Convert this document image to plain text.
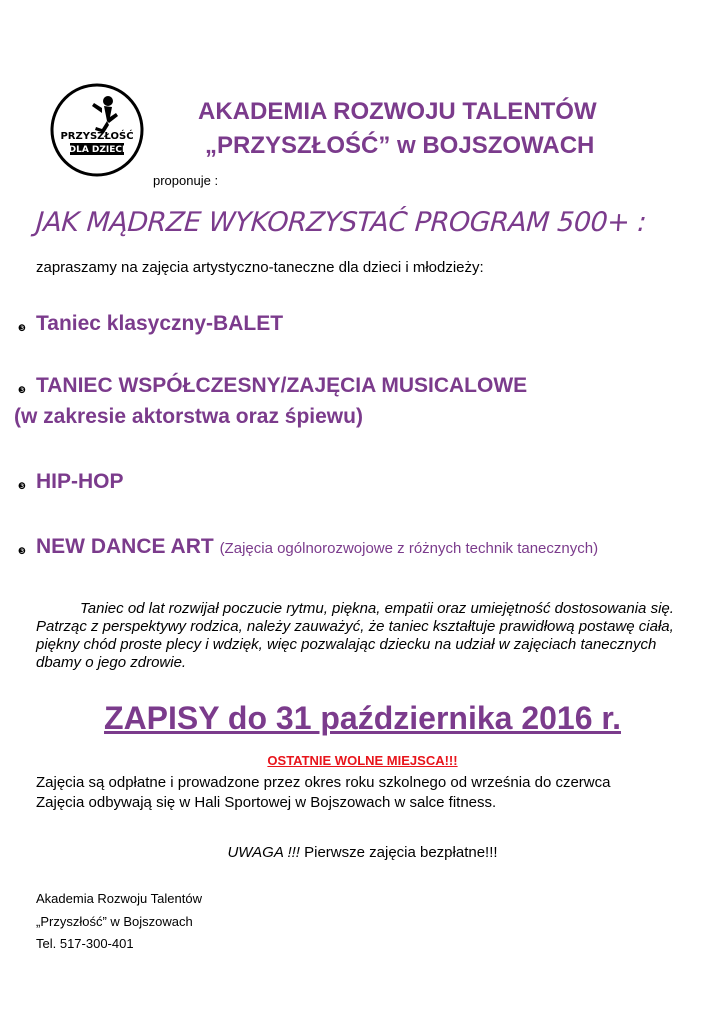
PRZYSZŁOŚĆ
DLA DZIECI
AKADEMIA ROZWOJU TALENTÓW
„PRZYSZŁOŚĆ” w BOJSZOWACH
proponuje :
JAK MĄDRZE WYKORZYSTAĆ PROGRAM 500+ :
zapraszamy na zajęcia artystyczno-taneczne dla dzieci i młodzieży:
❸ Taniec klasyczny-BALET
❸ TANIEC WSPÓŁCZESNY/ZAJĘCIA MUSICALOWE
(w zakresie aktorstwa oraz śpiewu)
❸ HIP-HOP
❸ NEW DANCE ART (Zajęcia ogólnorozwojowe z różnych technik tanecznych)
Taniec od lat rozwijał poczucie rytmu, piękna, empatii oraz umiejętność dostosowania się. Patrząc z perspektywy rodzica, należy zauważyć, że taniec kształtuje prawidłową postawę ciała, piękny chód proste plecy i wdzięk, więc pozwalając dziecku na udział w zajęciach tanecznych dbamy o jego zdrowie.
ZAPISY do 31 października 2016 r.
OSTATNIE WOLNE MIEJSCA!!!
Zajęcia są odpłatne i prowadzone przez okres roku szkolnego od września do czerwca
Zajęcia odbywają się w Hali Sportowej w Bojszowach w salce fitness.
UWAGA !!! Pierwsze zajęcia bezpłatne!!!
Akademia Rozwoju Talentów
„Przyszłość” w Bojszowach
Tel. 517-300-401
